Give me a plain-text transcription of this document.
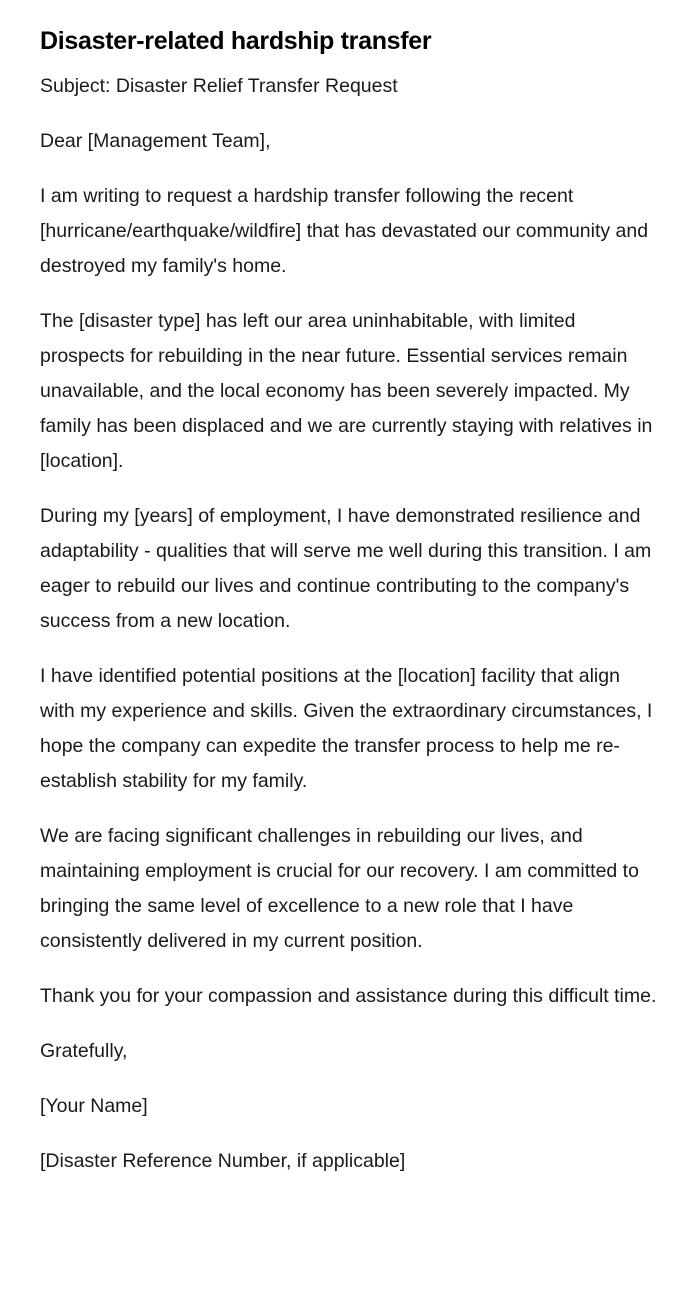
Disaster-related hardship transfer

Subject: Disaster Relief Transfer Request

Dear [Management Team],

I am writing to request a hardship transfer following the recent [hurricane/earthquake/wildfire] that has devastated our community and destroyed my family's home.

The [disaster type] has left our area uninhabitable, with limited prospects for rebuilding in the near future. Essential services remain unavailable, and the local economy has been severely impacted. My family has been displaced and we are currently staying with relatives in [location].

During my [years] of employment, I have demonstrated resilience and adaptability - qualities that will serve me well during this transition. I am eager to rebuild our lives and continue contributing to the company's success from a new location.

I have identified potential positions at the [location] facility that align with my experience and skills. Given the extraordinary circumstances, I hope the company can expedite the transfer process to help me re-establish stability for my family.

We are facing significant challenges in rebuilding our lives, and maintaining employment is crucial for our recovery. I am committed to bringing the same level of excellence to a new role that I have consistently delivered in my current position.

Thank you for your compassion and assistance during this difficult time.

Gratefully,

[Your Name]

[Disaster Reference Number, if applicable]
